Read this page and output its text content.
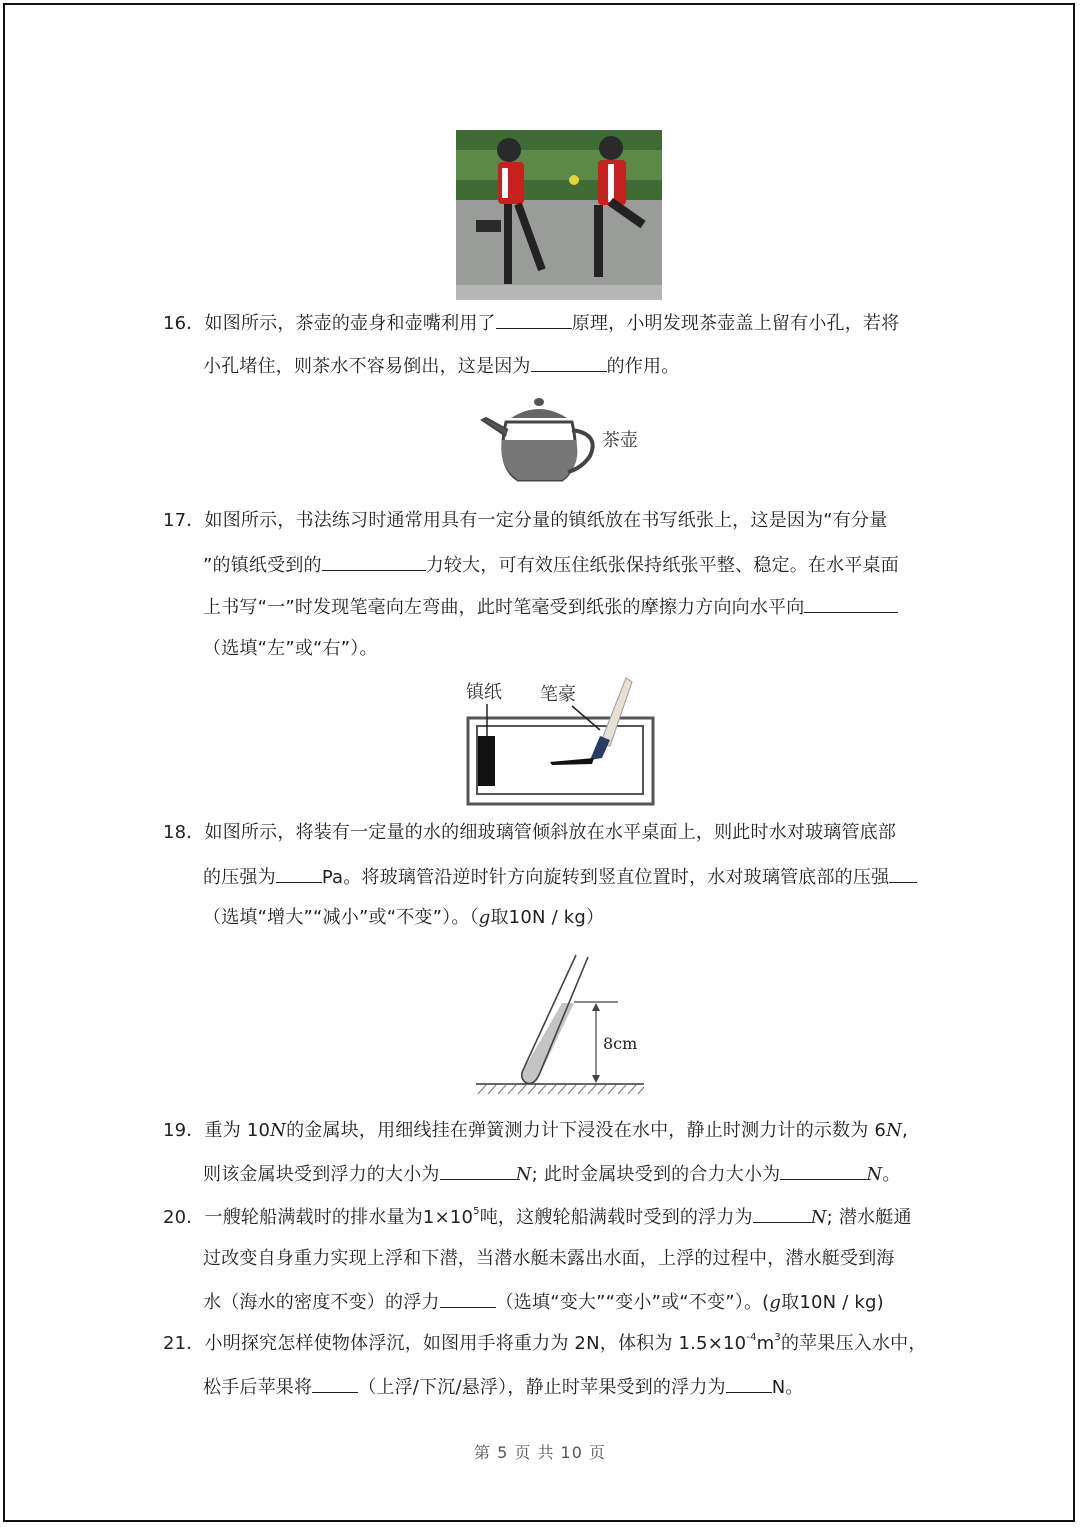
16．如图所示，茶壶的壶身和壶嘴利用了	原理，小明发现茶壶盖上留有小孔，若将
小孔堵住，则茶水不容易倒出，这是因为	的作用。
茶壶
17．如图所示，书法练习时通常用具有一定分量的镇纸放在书写纸张上，这是因为“有分量
”的镇纸受到的	力较大，可有效压住纸张保持纸张平整、稳定。在水平桌面
上书写“一”时发现笔毫向左弯曲，此时笔毫受到纸张的摩擦力方向向水平向
（选填“左”或“右”）。
镇纸 笔豪
18．如图所示，将装有一定量的水的细玻璃管倾斜放在水平桌面上，则此时水对玻璃管底部
的压强为	Pa。将玻璃管沿逆时针方向旋转到竖直位置时，水对玻璃管底部的压强
（选填“增大”“减小”或“不变”）。（g取10N / kg）
8cm
19．重为 10N的金属块，用细线挂在弹簧测力计下浸没在水中，静止时测力计的示数为 6N,
则该金属块受到浮力的大小为	N; 此时金属块受到的合力大小为	N。
20．一艘轮船满载时的排水量为$1\times 10^5$吨，这艘轮船满载时受到的浮力为	N; 潜水艇通
过改变自身重力实现上浮和下潜，当潜水艇未露出水面，上浮的过程中，潜水艇受到海
水（海水的密度不变）的浮力	（选填“变大”“变小”或“不变”）。(g取10N / kg)
21．小明探究怎样使物体浮沉，如图用手将重力为 2N，体积为 $1.5\times 10^{-4}m^3$的苹果压入水中，
松手后苹果将	（上浮/下沉/悬浮），静止时苹果受到的浮力为	N。
第 5 页 共 10 页
